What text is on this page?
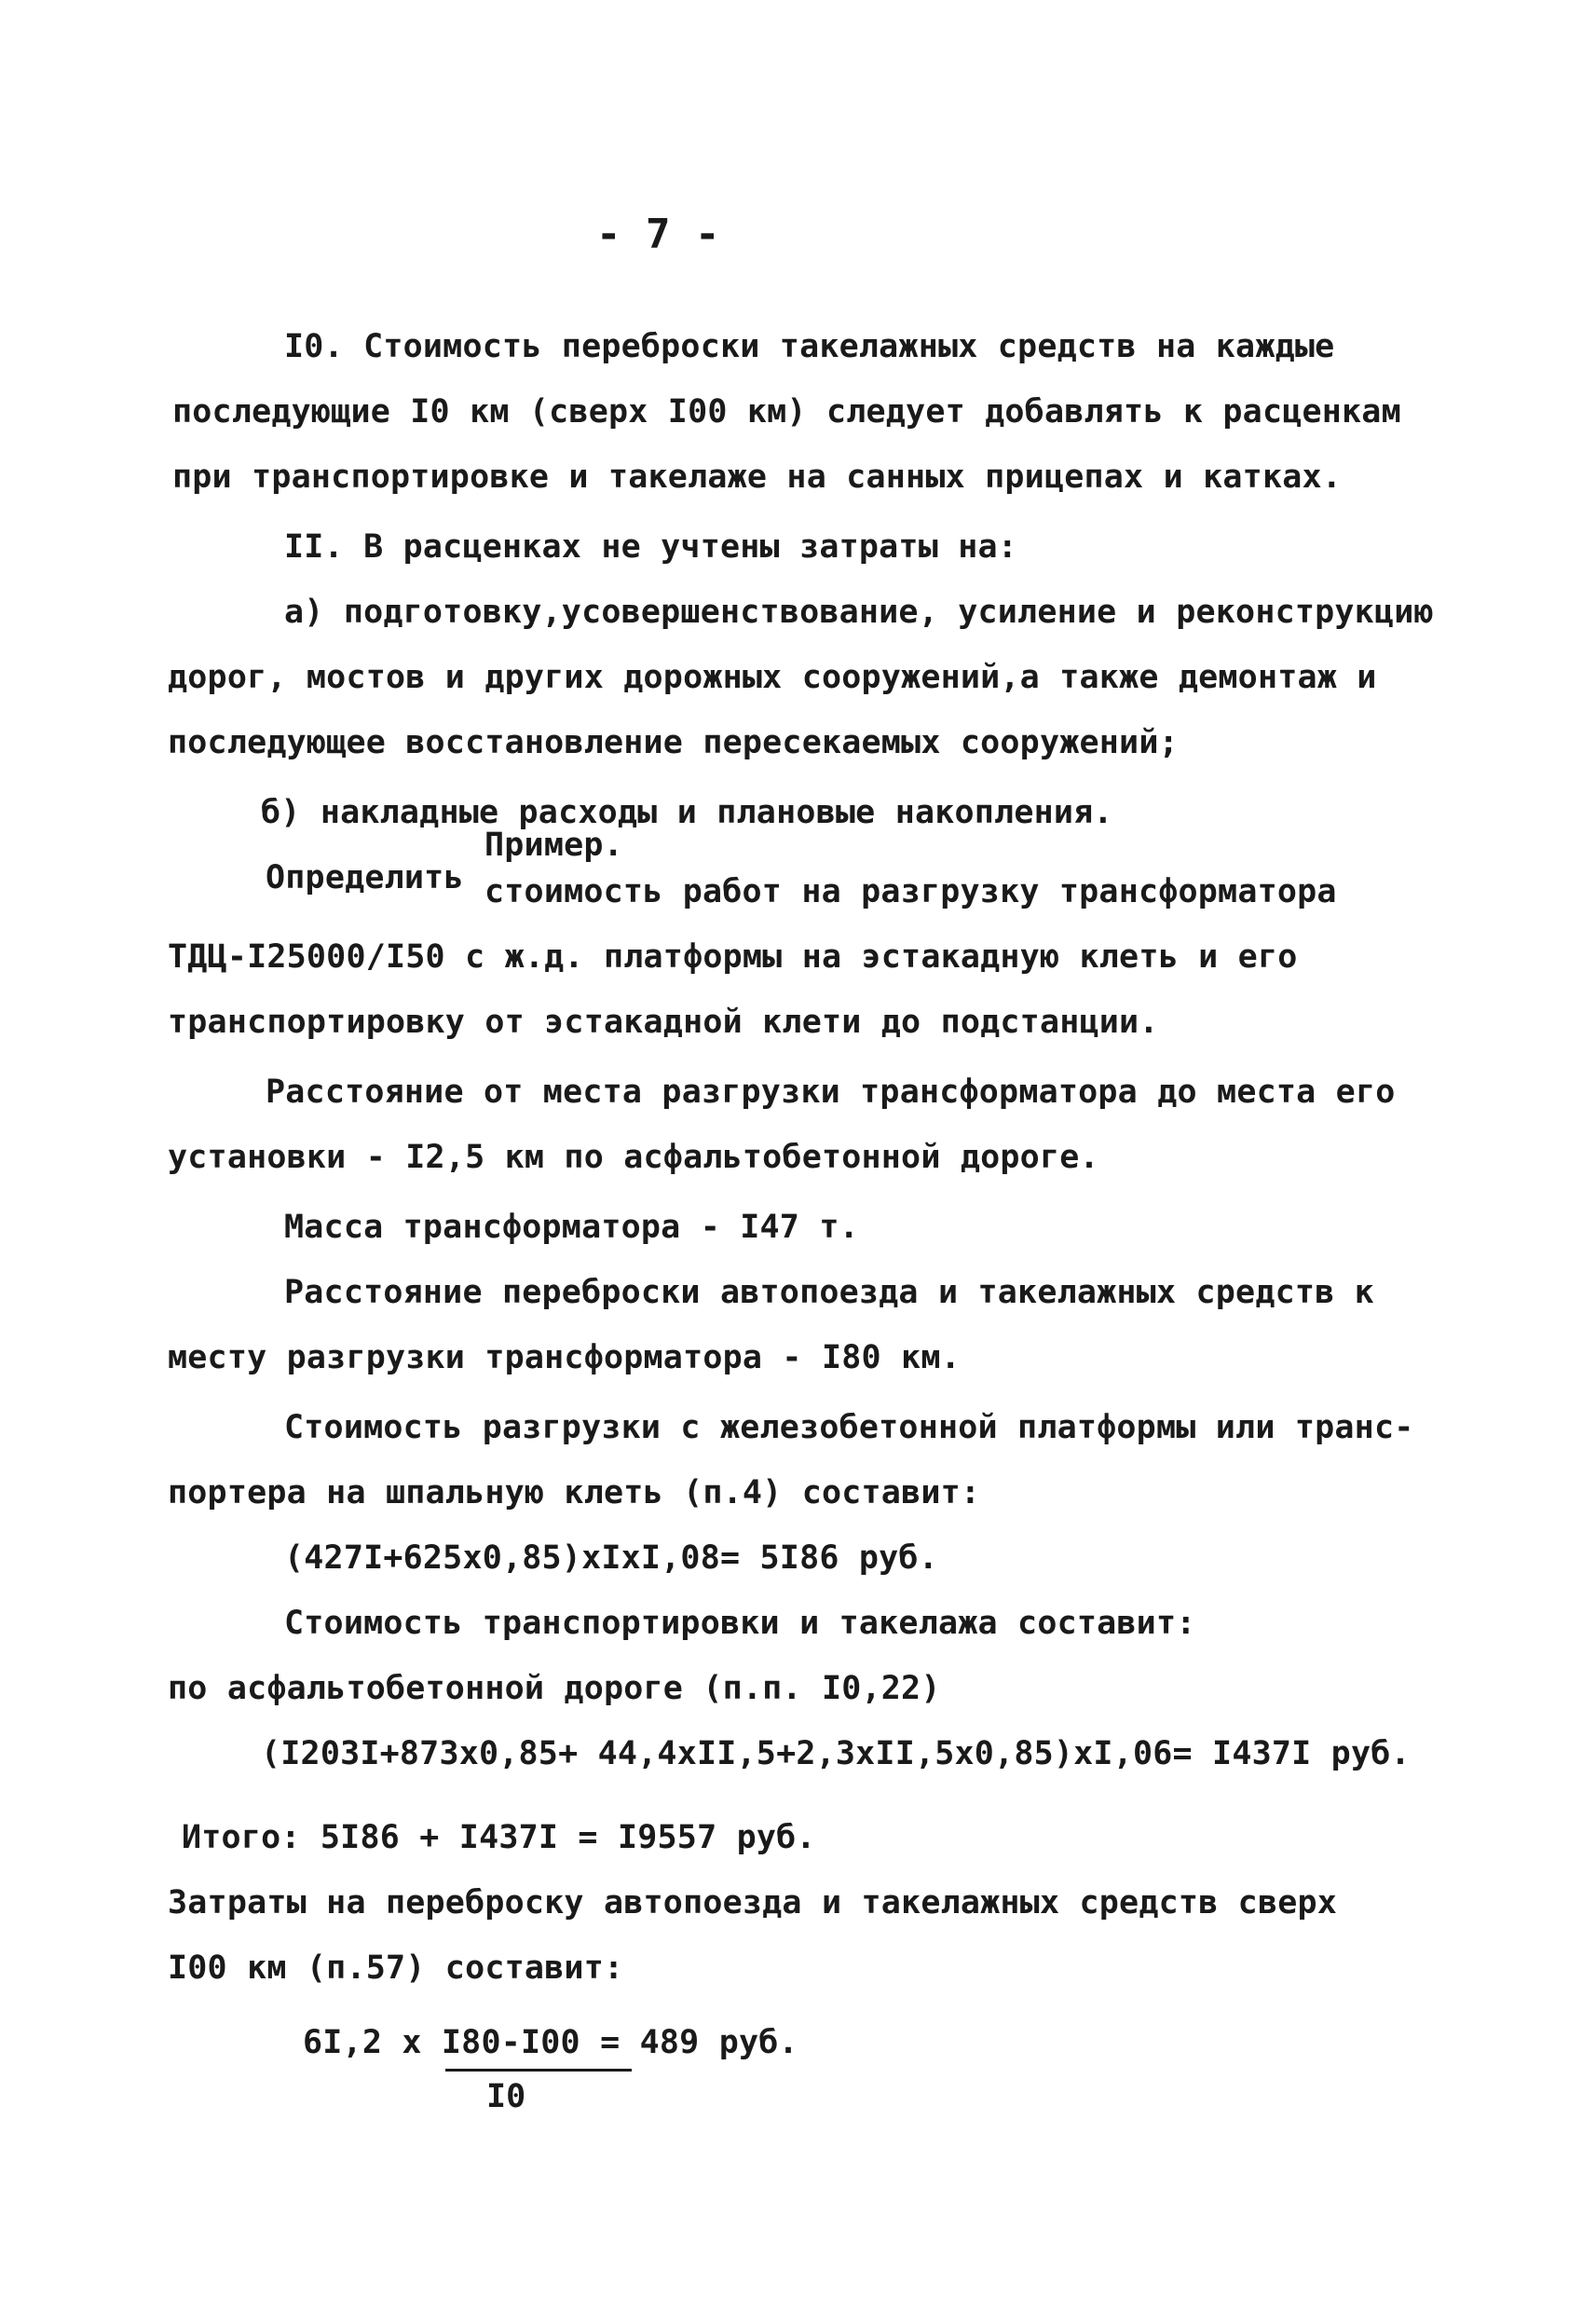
- 7 -
I0. Стоимость переброски такелажных средств на каждые
последующие I0 км (сверх I00 км) следует добавлять к расценкам
при транспортировке и такелаже на санных прицепах и катках.
II. В расценках не учтены затраты на:
а) подготовку,усовершенствование, усиление и реконструкцию
дорог, мостов и других дорожных сооружений,а также демонтаж и
последующее восстановление пересекаемых сооружений;
б) накладные расходы и плановые накопления.
Пример.
Определить стоимость работ на разгрузку трансформатора
ТДЦ-I25000/I50 с ж.д. платформы на эстакадную клеть и его
транспортировку от эстакадной клети до подстанции.
Расстояние от места разгрузки трансформатора до места его
установки - I2,5 км по асфальтобетонной дороге.
Масса трансформатора - I47 т.
Расстояние переброски автопоезда и такелажных средств к
месту разгрузки трансформатора - I80 км.
Стоимость разгрузки с железобетонной платформы или транс-
портера на шпальную клеть (п.4) составит:
(427I+625х0,85)хIхI,08= 5I86 руб.
Стоимость транспортировки и такелажа составит:
по асфальтобетонной дороге (п.п. I0,22)
(I203I+873х0,85+ 44,4хII,5+2,3хII,5х0,85)хI,06= I437I руб.
Итого: 5I86 + I437I = I9557 руб.
Затраты на переброску автопоезда и такелажных средств сверх
I00 км (п.57) составит:
6I,2 х I80-I00 = 489 руб.
I0
